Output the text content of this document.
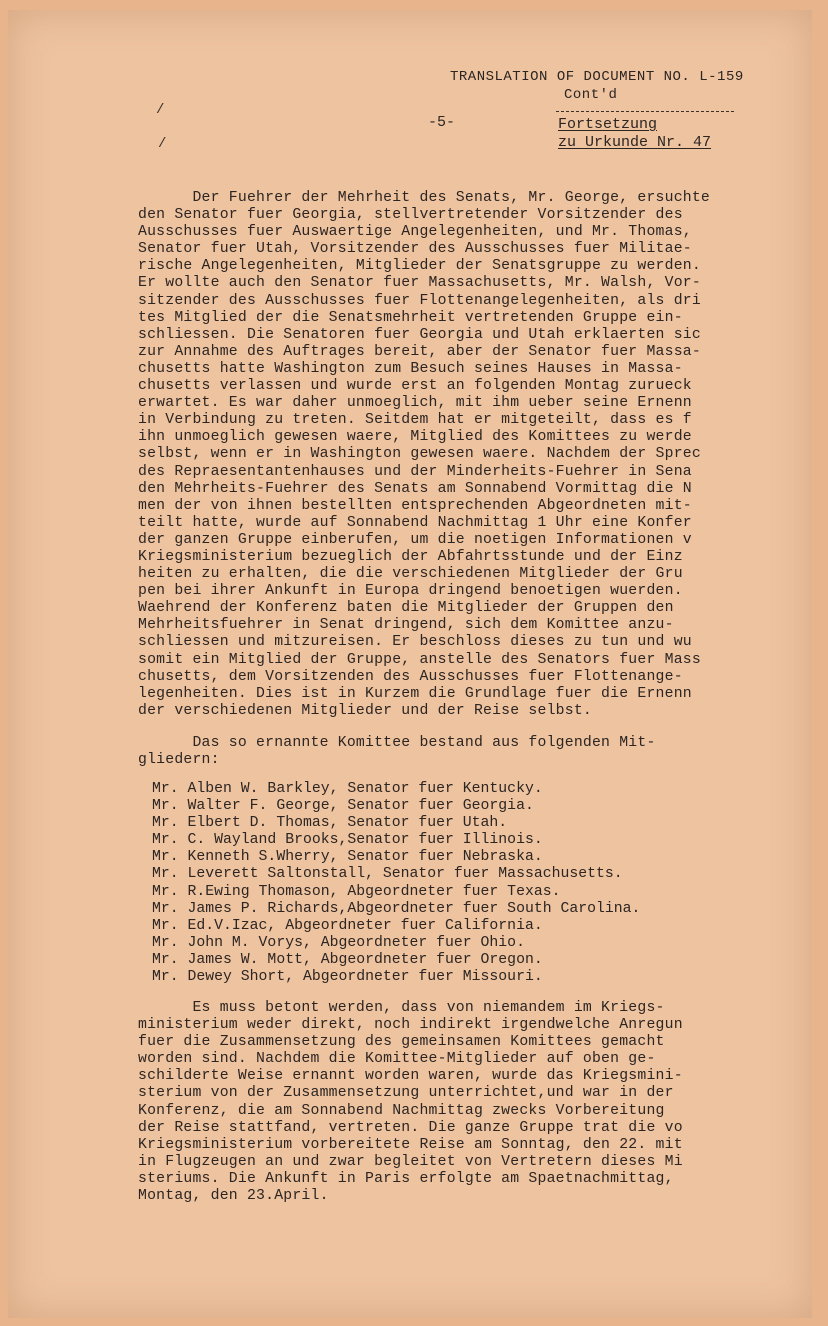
TRANSLATION OF DOCUMENT NO. L-159
Cont'd
-5-	Fortsetzung
zu Urkunde Nr. 47
/
/

Der Fuehrer der Mehrheit des Senats, Mr. George, ersuchte
den Senator fuer Georgia, stellvertretender Vorsitzender des
Ausschusses fuer Auswaertige Angelegenheiten, und Mr. Thomas,
Senator fuer Utah, Vorsitzender des Ausschusses fuer Militae-
rische Angelegenheiten, Mitglieder der Senatsgruppe zu werden.
Er wollte auch den Senator fuer Massachusetts, Mr. Walsh, Vor-
sitzender des Ausschusses fuer Flottenangelegenheiten, als dri
tes Mitglied der die Senatsmehrheit vertretenden Gruppe ein-
schliessen. Die Senatoren fuer Georgia und Utah erklaerten sic
zur Annahme des Auftrages bereit, aber der Senator fuer Massa-
chusetts hatte Washington zum Besuch seines Hauses in Massa-
chusetts verlassen und wurde erst an folgenden Montag zurueck
erwartet. Es war daher unmoeglich, mit ihm ueber seine Ernenn
in Verbindung zu treten. Seitdem hat er mitgeteilt, dass es f
ihn unmoeglich gewesen waere, Mitglied des Komittees zu werde
selbst, wenn er in Washington gewesen waere. Nachdem der Sprec
des Repraesentantenhauses und der Minderheits-Fuehrer in Sena
den Mehrheits-Fuehrer des Senats am Sonnabend Vormittag die N
men der von ihnen bestellten entsprechenden Abgeordneten mit-
teilt hatte, wurde auf Sonnabend Nachmittag 1 Uhr eine Konfer
der ganzen Gruppe einberufen, um die noetigen Informationen v
Kriegsministerium bezueglich der Abfahrtsstunde und der Einz
heiten zu erhalten, die die verschiedenen Mitglieder der Gru
pen bei ihrer Ankunft in Europa dringend benoetigen wuerden.
Waehrend der Konferenz baten die Mitglieder der Gruppen den
Mehrheitsfuehrer in Senat dringend, sich dem Komittee anzu-
schliessen und mitzureisen. Er beschloss dieses zu tun und wu
somit ein Mitglied der Gruppe, anstelle des Senators fuer Mass
chusetts, dem Vorsitzenden des Ausschusses fuer Flottenange-
legenheiten. Dies ist in Kurzem die Grundlage fuer die Ernenn
der verschiedenen Mitglieder und der Reise selbst.

Das so ernannte Komittee bestand aus folgenden Mit-
gliedern:

Mr. Alben W. Barkley, Senator fuer Kentucky.
Mr. Walter F. George, Senator fuer Georgia.
Mr. Elbert D. Thomas, Senator fuer Utah.
Mr. C. Wayland Brooks,Senator fuer Illinois.
Mr. Kenneth S.Wherry, Senator fuer Nebraska.
Mr. Leverett Saltonstall, Senator fuer Massachusetts.
Mr. R.Ewing Thomason, Abgeordneter fuer Texas.
Mr. James P. Richards,Abgeordneter fuer South Carolina.
Mr. Ed.V.Izac, Abgeordneter fuer California.
Mr. John M. Vorys, Abgeordneter fuer Ohio.
Mr. James W. Mott, Abgeordneter fuer Oregon.
Mr. Dewey Short, Abgeordneter fuer Missouri.

Es muss betont werden, dass von niemandem im Kriegs-
ministerium weder direkt, noch indirekt irgendwelche Anregun
fuer die Zusammensetzung des gemeinsamen Komittees gemacht
worden sind. Nachdem die Komittee-Mitglieder auf oben ge-
schilderte Weise ernannt worden waren, wurde das Kriegsmini-
sterium von der Zusammensetzung unterrichtet,und war in der
Konferenz, die am Sonnabend Nachmittag zwecks Vorbereitung
der Reise stattfand, vertreten. Die ganze Gruppe trat die vo
Kriegsministerium vorbereitete Reise am Sonntag, den 22. mit
in Flugzeugen an und zwar begleitet von Vertretern dieses Mi
steriums. Die Ankunft in Paris erfolgte am Spaetnachmittag,
Montag, den 23.April.
